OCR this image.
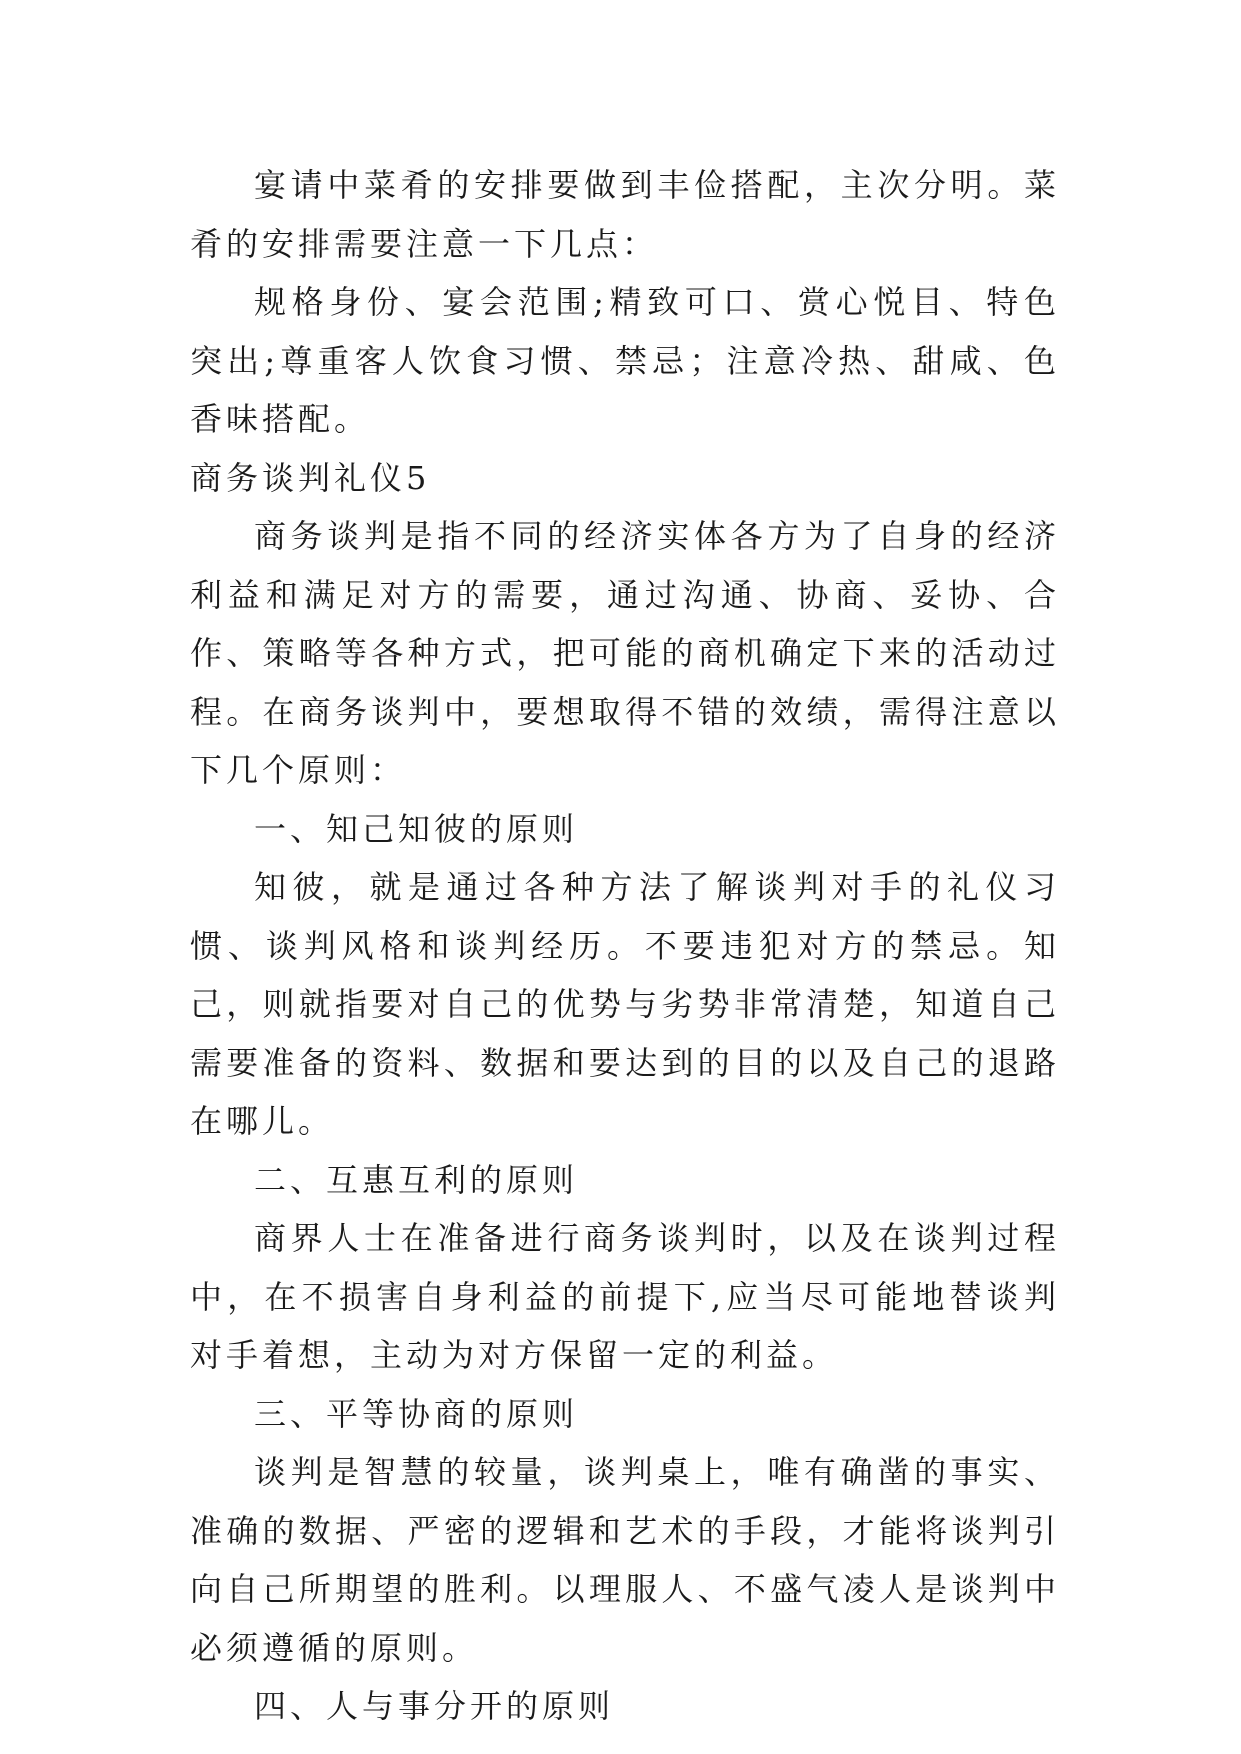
宴请中菜肴的安排要做到丰俭搭配，主次分明。菜肴的安排需要注意一下几点：

规格身份、宴会范围;精致可口、赏心悦目、特色突出;尊重客人饮食习惯、禁忌；注意冷热、甜咸、色香味搭配。

商务谈判礼仪5

商务谈判是指不同的经济实体各方为了自身的经济利益和满足对方的需要，通过沟通、协商、妥协、合作、策略等各种方式，把可能的商机确定下来的活动过程。在商务谈判中，要想取得不错的效绩，需得注意以下几个原则：

一、知己知彼的原则

知彼，就是通过各种方法了解谈判对手的礼仪习惯、谈判风格和谈判经历。不要违犯对方的禁忌。知己，则就指要对自己的优势与劣势非常清楚，知道自己需要准备的资料、数据和要达到的目的以及自己的退路在哪儿。

二、互惠互利的原则

商界人士在准备进行商务谈判时，以及在谈判过程中，在不损害自身利益的前提下,应当尽可能地替谈判对手着想，主动为对方保留一定的利益。

三、平等协商的原则

谈判是智慧的较量，谈判桌上，唯有确凿的事实、准确的数据、严密的逻辑和艺术的手段，才能将谈判引向自己所期望的胜利。以理服人、不盛气凌人是谈判中必须遵循的原则。

四、人与事分开的原则
